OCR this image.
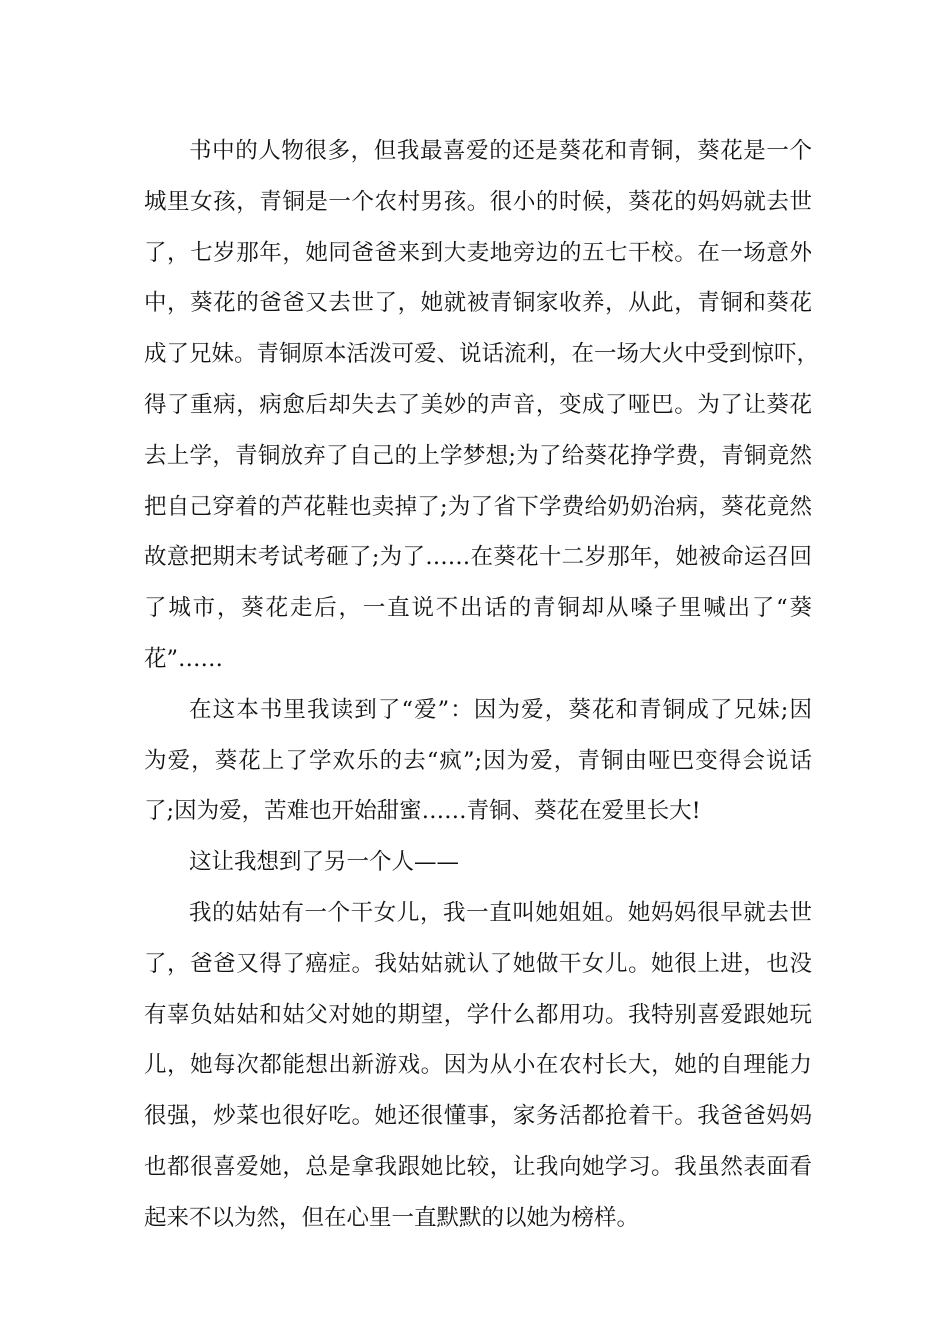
书中的人物很多，但我最喜爱的还是葵花和青铜，葵花是一个
城里女孩，青铜是一个农村男孩。很小的时候，葵花的妈妈就去世
了，七岁那年，她同爸爸来到大麦地旁边的五七干校。在一场意外
中，葵花的爸爸又去世了，她就被青铜家收养，从此，青铜和葵花
成了兄妹。青铜原本活泼可爱、说话流利，在一场大火中受到惊吓，
得了重病，病愈后却失去了美妙的声音，变成了哑巴。为了让葵花
去上学，青铜放弃了自己的上学梦想;为了给葵花挣学费，青铜竟然
把自己穿着的芦花鞋也卖掉了;为了省下学费给奶奶治病，葵花竟然
故意把期末考试考砸了;为了……在葵花十二岁那年，她被命运召回
了城市，葵花走后，一直说不出话的青铜却从嗓子里喊出了“葵
花”……
在这本书里我读到了“爱”：因为爱，葵花和青铜成了兄妹;因
为爱，葵花上了学欢乐的去“疯”;因为爱，青铜由哑巴变得会说话
了;因为爱，苦难也开始甜蜜……青铜、葵花在爱里长大!
这让我想到了另一个人——
我的姑姑有一个干女儿，我一直叫她姐姐。她妈妈很早就去世
了，爸爸又得了癌症。我姑姑就认了她做干女儿。她很上进，也没
有辜负姑姑和姑父对她的期望，学什么都用功。我特别喜爱跟她玩
儿，她每次都能想出新游戏。因为从小在农村长大，她的自理能力
很强，炒菜也很好吃。她还很懂事，家务活都抢着干。我爸爸妈妈
也都很喜爱她，总是拿我跟她比较，让我向她学习。我虽然表面看
起来不以为然，但在心里一直默默的以她为榜样。
